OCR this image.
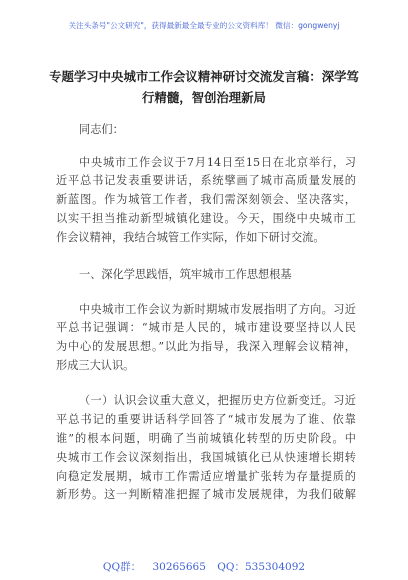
关注头条号"公文研究"，获得最新最全最专业的公文资料库！ 微信：gongwenyj
专题学习中央城市工作会议精神研讨交流发言稿：深学笃
行精髓，智创治理新局
同志们：
中央城市工作会议于7月14日至15日在北京举行，习
近平总书记发表重要讲话，系统擘画了城市高质量发展的
新蓝图。作为城管工作者，我们需深刻领会、坚决落实，
以实干担当推动新型城镇化建设。今天，围绕中央城市工
作会议精神，我结合城管工作实际，作如下研讨交流。
一、深化学思践悟，筑牢城市工作思想根基
中央城市工作会议为新时期城市发展指明了方向。习近
平总书记强调：“城市是人民的，城市建设要坚持以人民
为中心的发展思想。”以此为指导，我深入理解会议精神，
形成三大认识。
（一）认识会议重大意义，把握历史方位新变迁。习近
平总书记的重要讲话科学回答了“城市发展为了谁、依靠
谁”的根本问题，明确了当前城镇化转型的历史阶段。中
央城市工作会议深刻指出，我国城镇化已从快速增长期转
向稳定发展期，城市工作需适应增量扩张转为存量提质的
新形势。这一判断精准把握了城市发展规律，为我们破解
QQ群： 30265665 QQ：535304092
